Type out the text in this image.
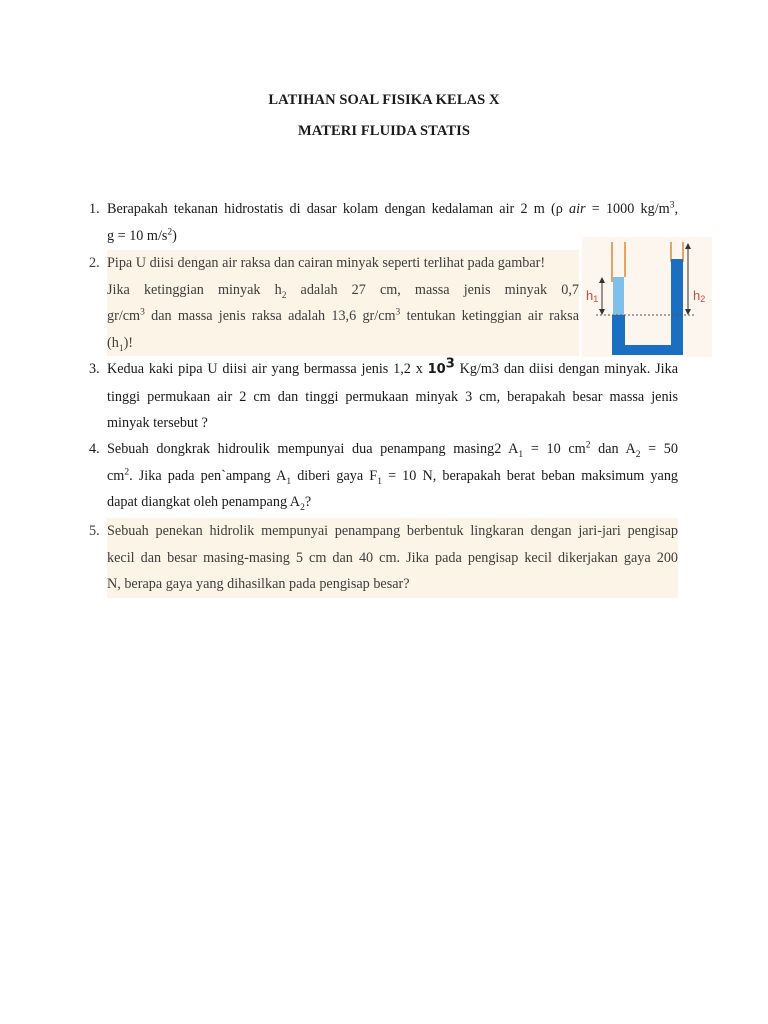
LATIHAN SOAL FISIKA KELAS X
MATERI FLUIDA STATIS
1. Berapakah tekanan hidrostatis di dasar kolam dengan kedalaman air 2 m (ρ air = 1000 $kg/m^3$,
g = 10 $m/s^2$)
2. Pipa U diisi dengan air raksa dan cairan minyak seperti terlihat pada gambar!
Jika ketinggian minyak $h_2$ adalah 27 cm, massa jenis minyak 0,7
$gr/cm^3$ dan massa jenis raksa adalah 13,6 $gr/cm^3$ tentukan ketinggian air raksa
$(h_1)$!
h1	h2
3. Kedua kaki pipa U diisi air yang bermassa jenis 1,2 x $10^3$ Kg/m3 dan diisi dengan minyak. Jika
tinggi permukaan air 2 cm dan tinggi permukaan minyak 3 cm, berapakah besar massa jenis
minyak tersebut ?
4. Sebuah dongkrak hidroulik mempunyai dua penampang masing2 $A_1 = 10$ $cm^2$ dan $A_2 = 50$
$cm^2$. Jika pada pen`ampang $A_1$ diberi gaya $F_1 = 10$ N, berapakah berat beban maksimum yang
dapat diangkat oleh penampang $A_2$?
5. Sebuah penekan hidrolik mempunyai penampang berbentuk lingkaran dengan jari-jari pengisap
kecil dan besar masing-masing 5 cm dan 40 cm. Jika pada pengisap kecil dikerjakan gaya 200
N, berapa gaya yang dihasilkan pada pengisap besar?
